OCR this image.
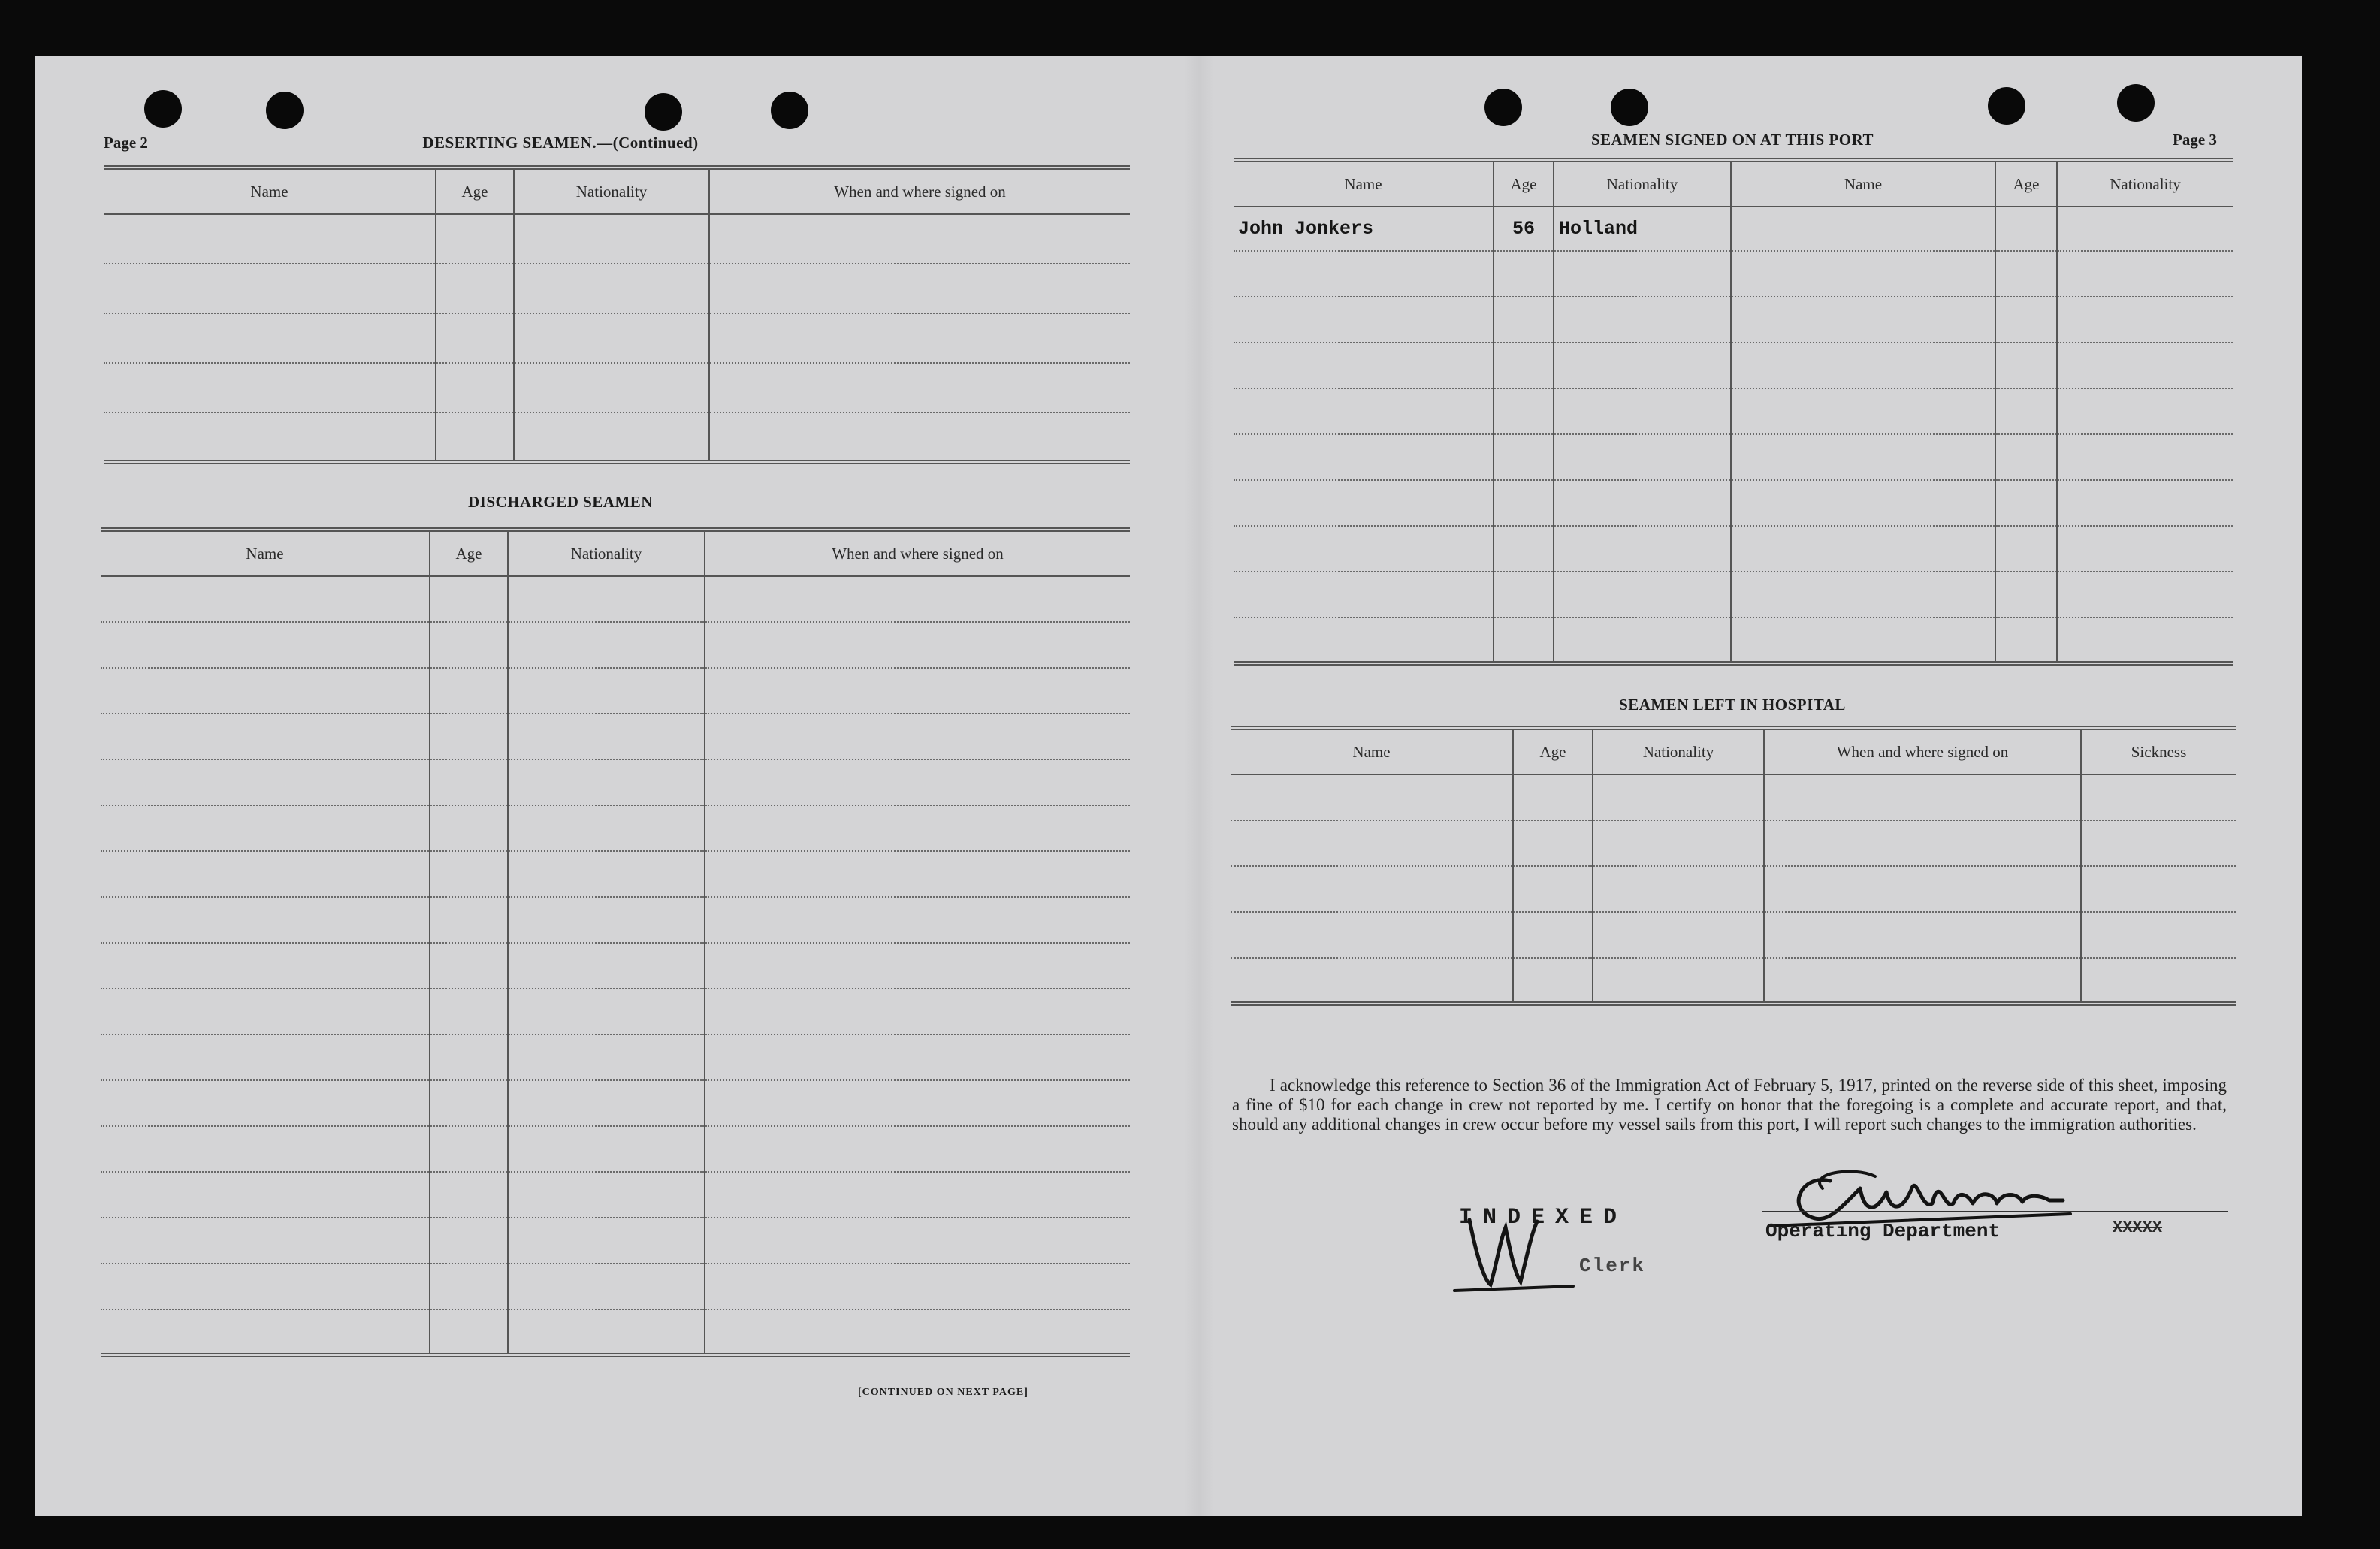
Page 2	DESERTING SEAMEN.—(Continued)
Name	Age	Nationality	When and where signed on

DISCHARGED SEAMEN
Name	Age	Nationality	When and where signed on

[CONTINUED ON NEXT PAGE]
SEAMEN SIGNED ON AT THIS PORT	Page 3
Name	Age	Nationality	Name	Age	Nationality
John Jonkers	56	Holland			

SEAMEN LEFT IN HOSPITAL
Name	Age	Nationality	When and where signed on	Sickness

I acknowledge this reference to Section 36 of the Immigration Act of February 5, 1917, printed on the reverse side of this sheet, imposing a fine of $10 for each change in crew not reported by me. I certify on honor that the foregoing is a complete and accurate report, and that, should any additional changes in crew occur before my vessel sails from this port, I will report such changes to the immigration authorities.
INDEXED
Clerk
Operating Department	XXXXX
